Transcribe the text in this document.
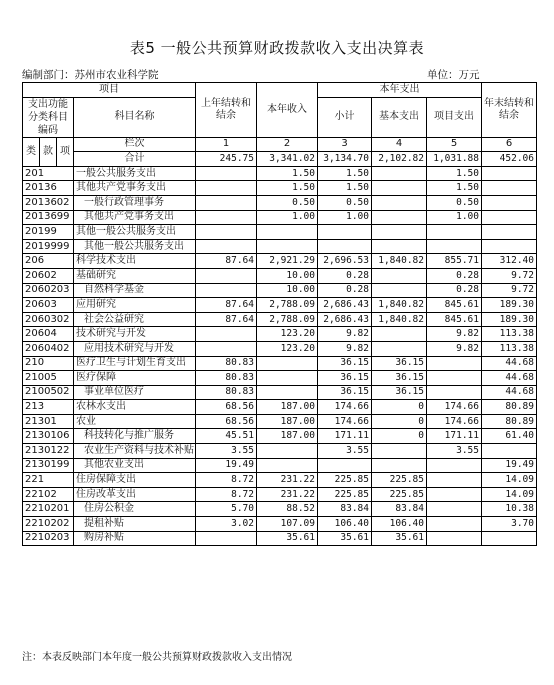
表5 一般公共预算财政拨款收入支出决算表
编制部门：苏州市农业科学院	单位：万元
项目				上年结转和结余	本年收入	本年支出			年末结转和结余
支出功能分类科目编码			科目名称			小计	基本支出	项目支出	

类	款	项	栏次	1	2	3	4	5	6
			合计	245.75	3,341.02	3,134.70	2,102.82	1,031.88	452.06
201			一般公共服务支出		1.50	1.50		1.50	
20136			其他共产党事务支出		1.50	1.50		1.50	
2013602			一般行政管理事务		0.50	0.50		0.50	
2013699			其他共产党事务支出		1.00	1.00		1.00	
20199			其他一般公共服务支出						
2019999			其他一般公共服务支出						
206			科学技术支出	87.64	2,921.29	2,696.53	1,840.82	855.71	312.40
20602			基础研究		10.00	0.28		0.28	9.72
2060203			自然科学基金		10.00	0.28		0.28	9.72
20603			应用研究	87.64	2,788.09	2,686.43	1,840.82	845.61	189.30
2060302			社会公益研究	87.64	2,788.09	2,686.43	1,840.82	845.61	189.30
20604			技术研究与开发		123.20	9.82		9.82	113.38
2060402			应用技术研究与开发		123.20	9.82		9.82	113.38
210			医疗卫生与计划生育支出	80.83		36.15	36.15		44.68
21005			医疗保障	80.83		36.15	36.15		44.68
2100502			事业单位医疗	80.83		36.15	36.15		44.68
213			农林水支出	68.56	187.00	174.66	0	174.66	80.89
21301			农业	68.56	187.00	174.66	0	174.66	80.89
2130106			科技转化与推广服务	45.51	187.00	171.11	0	171.11	61.40
2130122			农业生产资料与技术补贴	3.55		3.55		3.55	
2130199			其他农业支出	19.49					19.49
221			住房保障支出	8.72	231.22	225.85	225.85		14.09
22102			住房改革支出	8.72	231.22	225.85	225.85		14.09
2210201			住房公积金	5.70	88.52	83.84	83.84		10.38
2210202			提租补贴	3.02	107.09	106.40	106.40		3.70
2210203			购房补贴		35.61	35.61	35.61		
注：本表反映部门本年度一般公共预算财政拨款收入支出情况
